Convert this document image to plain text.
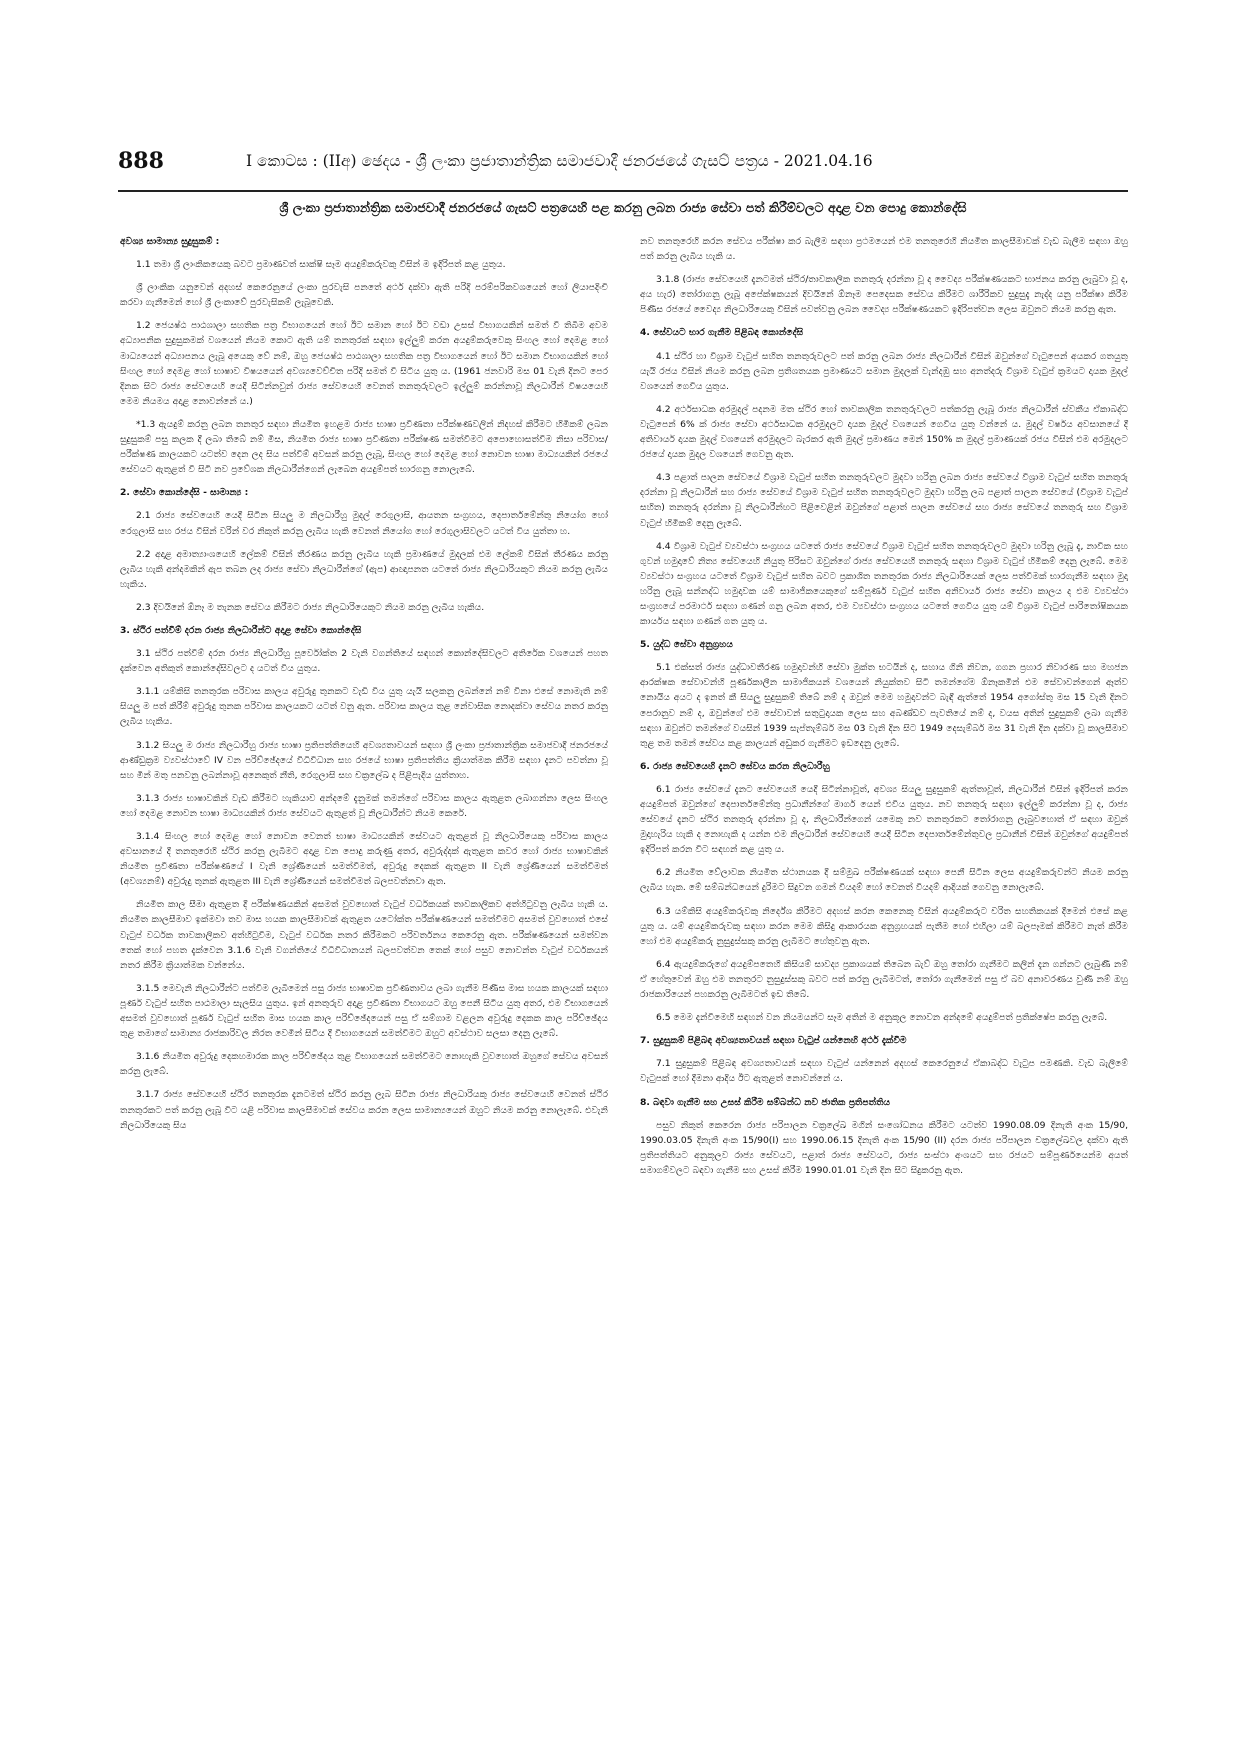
888	I කොටස : (IIඅ) ඡෙදය - ශ්‍රී ලංකා ප්‍රජාතාන්ත්‍රික සමාජවාදී ජනරජයේ ගැසට් පත්‍රය - 2021.04.16
ශ්‍රී ලංකා ප්‍රජාතාන්ත්‍රික සමාජවාදී ජනරජයේ ගැසට් පත්‍රයෙහි පළ කරනු ලබන රාජ්‍ය සේවා පත් කිරීම්වලට අදාළ වන පොදු කොන්දේසි
අවශ්‍ය සාමාන්‍ය සුදුසුකම් :
1.1 තමා ශ්‍රී ලාංකිකයෙකු බවට ප්‍රමාණවත් සාක්ෂි සෑම අයදුම්කරුවකු විසින් ම ඉදිරිපත් කළ යුතුය.
ශ්‍රී ලාංකික යනුවෙන් අදහස් කෙරෙනුයේ ලංකා පුරවැසි පනතේ අර්ථ දක්වා ඇති පරිදි පරම්පරිකවශයෙන් හෝ ලියාපදිංචි කරවා ගැනීමෙන් හෝ ශ්‍රී ලංකාවේ පුරවැසිකම් ලැබූවෙකි.
1.2 ජෙ‍යෂ්ඨ පාඨශාලා සහතික පත්‍ර විභාගයෙන් හෝ ඊට සමාන හෝ ඊට වඩා උසස් විභාගයකින් සමත් වී තිබීම අවම අධ්‍යාපනික සුදුසුකමක් වශයෙන් නියම කොට ඇති යම් තනතුරක් සඳහා ඉල්ලුම් කරන අයදුම්කරුවෙකු සිංහල හෝ දෙමළ හෝ මාධ්‍යයෙන් අධ්‍යාපනය ලැබූ අයෙකු වේ නම්, ඔහු ජෙ‍යෂ්ඨ පාඨශාලා සහතික පත්‍ර විභාගයෙන් හෝ ඊට සමාන විභාගයකින් හෝ සිංහල හෝ දෙමළ හෝ භාෂාව විෂයයෙන් අවශ්‍යවෙච්චිත පරිදි සමත් වී සිටිය යුතු ය. (1961 ජනවාරි මස 01 වැනි දිනට පෙර දිනක සිට රාජ්‍ය සේවයෙහි යෙදී සිටින්නවුන් රාජ්‍ය සේවයෙහි වෙනත් තනතුරුවලට ඉල්ලුම් කරන්නාවූ නිලධාරීන් විෂයයෙහි මෙම නියමය අදාළ නොවන්නේ ය.)
*1.3 ඇයදුම් කරනු ලබන තනතුර සඳහා නියමිත ඉහළම රාජ්‍ය භාෂා ප්‍රවීණතා පරීක්ෂණවලින් නිදහස් කිරීමට හිමිකම් ලබන සුදුසුකම් පසු කලක දී ලබා තිබේ නම් මිස, නියමිත රාජ්‍ය භාෂා ප්‍රවීණතා පරීක්ෂණ සමත්වීමට අපොහොසත්වීම නිසා පරිවාස/පරීක්ෂණ කාලයකට යටත්ව දෙන ලද සිය පත්වීම් අවසන් කරනු ලැබූ, සිංහල හෝ දෙමළ හෝ නොවන භාෂා මාධ්‍යයකින් රජයේ සේවයට ඇතුළත් වී සිටි නව ප්‍රවේශක නිලධාරීන්ගෙන් ලැබෙන අයදුම්පත් භාරගනු නොලැබේ.
2. සේවා කොන්දේසි - සාමාන්‍ය :
2.1 රාජ්‍ය සේවයෙහි යෙදී සිටින සියලු ම නිලධාරීහු මුදල් රෙගුලාසි, ආයතන සංග්‍රහය, දෙපාර්තමේන්තු නියෝග හෝ රෙගුලාසි සහ රජය විසින් වරින් වර නිකුත් කරනු ලැබිය හැකි වෙනත් නියෝග හෝ රෙගුලාසිවලට යටත් විය යුත්තා හ.
2.2 අදාළ අමාත්‍යාංශයෙහි ලේකම් විසින් තීරණය කරනු ලැබිය හැකි ප්‍රමාණයේ මුදලක් එම ලේකම් විසින් තීරණය කරනු ලැබිය හැකි අන්දමකින් ඇප තබන ලද රාජ්‍ය සේවා නිලධාරීන්ගේ (ඇප) ආඥාපනත යටතේ රාජ්‍ය නිලධාරියකුට නියම කරනු ලැබිය හැකිය.
2.3 දිවයිනේ ඕනෑ ම තැනක සේවය කිරීමට රාජ්‍ය නිලධාරියෙකුට නියම කරනු ලැබිය හැකිය.
3. ස්ථිර පත්වීම් දරන රාජ්‍ය නිලධාරීන්ට අදාළ සේවා කොන්දේසි
3.1 ස්ථිර පත්වීම් දරන රාජ්‍ය නිලධාරීහු පූර්වෝක්ත 2 වැනි වගන්තියේ සඳහන් කොන්දේසිවලට අතිරේක වශයෙන් පහත දැක්වෙන අතිකුත් කොන්දේසිවලට ද යටත් විය යුතුය.
3.1.1 යම්කිසි තනතුරක පරිවාස කාලය අවුරුදු තුනකට වැඩි විය යුතු යැයි සලකනු ලබන්නේ නම් විනා එසේ නොමැති නම් සියලු ම පත් කිරීම් අවුරුදු තුනක පරිවාස කාලයකට යටත් වනු ඇත. පරිවාස කාලය තුළ නේවාසික නොදක්වා සේවය නතර කරනු ලැබිය හැකිය.
3.1.2 සියලු ම රාජ්‍ය නිලධාරීහු රාජ්‍ය භාෂා ප්‍රතිපත්තියෙහි අවශ්‍යතාවයන් සඳහා ශ්‍රී ලංකා ප්‍රජාතාන්ත්‍රික සමාජවාදී ජනරජයේ ආණ්ඩුක්‍රම ව්‍යවස්ථාවේ IV වන පරිච්ඡේදයේ විධිවිධාන සහ රජයේ භාෂා ප්‍රතිපත්තිය ක්‍රියාත්මක කිරීම සඳහා දැනට පවත්නා වූ සහ මින් මතු පනවනු ලබන්නාවූ අනෙකුත් නීති, රෙගුලාසි සහ චක්‍රලේඛ ද පිළිපැදිය යුත්තාහ.
3.1.3 රාජ්‍ය භාෂාවකින් වැඩ කිරීමට හැකියාව අන්දමේ දැනුමක් තමන්ගේ පරිවාස කාලය ඇතුළත ලබාගන්නා ලෙස සිංහල හෝ දෙමළ නොවන භාෂා මාධ්‍යයකින් රාජ්‍ය සේවයට ඇතුළත් වූ නිලධාරීන්ට නියම කෙරේ.
3.1.4 සිංහල හෝ දෙමළ හෝ නොවන වෙනත් භාෂා මාධ්‍යයකින් සේවයට ඇතුළත් වූ නිලධාරියෙකු පරිවාස කාලය අවසානයේ දී තනතුරෙහි ස්ථිර කරනු ලැබීමට අදාළ වන පොදු කරුණු අතර, අවුරුද්දක් ඇතුළත කවර හෝ රාජ්‍ය භාෂාවකින් නියමිත ප්‍රවීණතා පරීක්ෂණයේ I වැනි ශ්‍රේණියෙන් සමත්වීමත්, අවුරුදු දෙකක් ඇතුළත II වැනි ශ්‍රේණියෙන් සමත්වීමත් (අවශ්‍යනම්) අවුරුදු තුනක් ඇතුළත III වැනි ශ්‍රේණියෙන් සමත්වීමත් බලපවත්නවා ඇත.
නියමිත කාල සීමා ඇතුළත දී පරීක්ෂණයකින් අසමත් වුවහොත් වැටුප් වර්ධකයක් තාවකාලිකව අත්හිටුවනු ලැබිය හැකි ය. නියමිත කාලසීමාව ඉක්මවා තව මාස හයක කාලසීමාවක් ඇතුළත යටෝක්ත පරීක්ෂණයෙන් සමත්වීමට අසමත් වුවහොත් එසේ වැටුප් වර්ධක තාවකාලිකව අත්හිටුවීම, වැටුප් වර්ධක නතර කිරීමකට පරිවර්තනය කෙරෙනු ඇත. පරීක්ෂණයෙන් සමත්වන තෙක් හෝ පහත දැක්වෙන 3.1.6 වැනි වගන්තියේ විධිවිධානයන් බලපවත්වන තෙක් හෝ පසුව නොවන්ත වැටුප් වර්ධකයන් නතර කිරීම ක්‍රියාත්මක වන්නේය.
3.1.5 මෙවැනි නිලධාරීන්ට පත්වීම ලැබීමෙන් පසු රාජ්‍ය භාෂාවක ප්‍රවීණතාවය ලබා ගැනීම පිණිස මාස හයක කාලයක් සඳහා පූර්ණ වැටුප් සහිත පාඨමාලා සැලසිය යුතුය. ඉන් අනතුරුව අදාළ ප්‍රවීණතා විභාගයට ඔහු පෙනී සිටිය යුතු අතර, එම විභාගයෙන් අසමත් වුවහොත් පූර්ණ වැටුප් සහිත මාස හයක කාල පරිච්ඡේදයෙන් පසු ඒ සම්ගාම වළලන අවුරුදු දෙකක කාල පරිච්ඡේදය තුළ තමාගේ සාමාන්‍ය රාජකාරිවල නිරත වෙමින් සිටිය දී විභාගයෙන් සමත්වීමට ඔහුට අවස්ථාව සලසා දෙනු ලැබේ.
3.1.6 නියමිත අවුරුදු දෙකහමාරක කාල පරිච්ඡේදය තුළ විභාගයෙන් සමත්වීමට නොහැකි වුවහොත් ඔහුගේ සේවය අවසන් කරනු ලැබේ.
3.1.7 රාජ්‍ය සේවයෙහි ස්ථිර තනතුරක දැනටමත් ස්ථිර කරනු ලැබ සිටින රාජ්‍ය නිලධාරියකු රාජ්‍ය සේවයෙහි වෙනත් ස්ථිර තනතුරකට පත් කරනු ලැබූ විට යළි පරිවාස කාලසීමාවක් සේවය කරන ලෙස සාමාන්‍යයෙන් ඔහුට නියම කරනු නොලැබේ. එවැනි නිලධාරියෙකු සිය
නව තනතුරෙහි කරන සේවය පරීක්ෂා කර බැලීම සඳහා ප්‍රථමයෙන් එම තනතුරෙහි නියමිත කාලසීමාවක් වැඩ බැලීම සඳහා ඔහු පත් කරනු ලැබිය හැකි ය.
3.1.8 (රාජ්‍ය සේවයෙහි දැනටමත් ස්ථිර/තාවකාලික තනතුරු දරන්නා වූ ද වෛද්‍ය පරීක්ෂණයකට භාජනය කරනු ලැබුවා වූ ද, අය හැර) තෝරාගනු ලැබූ අපේක්ෂකයන් දිවයිනේ ඕනෑම පෙදෙසක සේවය කිරීමට ශාරීරිකව සුදුසුදැ නැද්ද යනු පරීක්ෂා කිරීම පිණිස රජයේ වෛද්‍ය නිලධාරියෙකු විසින් පවත්වනු ලබන වෛද්‍ය පරීක්ෂණයකට ඉදිරිපත්වන ලෙස ඔවුනට නියම කරනු ඇත.
4. සේවයට භාර ගැනීම පිළිබඳ කොන්දේසි
4.1 ස්ථිර හා විශ්‍රාම වැටුප් සහිත තනතුරුවලට පත් කරනු ලබන රාජ්‍ය නිලධාරීන් විසින් ඔවුන්ගේ වැටුපෙන් අයකර ගතයුතු යැයි රජය විසින් නියම කරනු ලබන ප්‍රතිශතයක ප්‍රමාණයට සමාන මුදලක් වැන්දඹු සහ අනත්දරු විශ්‍රාම වැටුප් ක්‍රමයට දායක මුදල් වශයෙන් ගෙවිය යුතුය.
4.2 අර්ථසාධක අරමුදල් පදනම මත ස්ථිර හෝ තාවකාලික තනතුරුවලට පත්කරනු ලැබූ රාජ්‍ය නිලධාරීන් ස්වකීය ඒකාබද්ධ වැටුපෙන් 6% ක් රාජ්‍ය සේවා අර්ථසාධක අරමුදලට දායක මුදල් වශයෙන් ගෙවිය යුතු වන්නේ ය. මුදල් වර්ෂය අවසානයේ දී අතිවාර්ය දායක මුදල් වශයෙන් අරමුදලට බැරකර ඇති මුදල් ප්‍රමාණය මෙන් 150% ක මුදල් ප්‍රමාණයක් රජය විසින් එම අරමුදලට රජයේ දායක මුදල වශයෙන් ගෙවනු ඇත.
4.3 පළාත් පාලන සේවයේ විශ්‍රාම වැටුප් සහිත තනතුරුවලට මුදවා හරිනු ලබන රාජ්‍ය සේවයේ විශ්‍රාම වැටුප් සහිත තනතුරු දරන්නා වූ නිලධාරීන් සහ රාජ්‍ය සේවයේ විශ්‍රාම වැටුප් සහිත තනතුරුවලට මුදවා හරිනු ලබ පළාත් පාලන සේවයේ (විශ්‍රාම වැටුප් සහිත) තනතුරු දරන්නා වූ නිලධාරීන්හට පිළිවෙළින් ඔවුන්ගේ පළාත් පාලන සේවයේ සහ රාජ්‍ය සේවයේ තනතුරු සහ විශ්‍රාම වැටුප් හිමිකම් දෙනු ලැබේ.
4.4 විශ්‍රාම වැටුප් ව්‍යවස්ථා සංග්‍රහය යටතේ රාජ්‍ය සේවයේ විශ්‍රාම වැටුප් සහිත තනතුරුවලට මුදවා හරිනු ලැබූ දැ, නාවික සහ ගුවන් හමුදාවේ නිත්‍ය සේවයෙහි නියුතු පිරිසට ඔවුන්ගේ රාජ්‍ය සේවයෙහි තනතුරු සඳහා විශ්‍රාම වැටුප් හිමිකම් දෙනු ලැබේ. මෙම ව්‍යවස්ථා සංග්‍රහය යටතේ විශ්‍රාම වැටුප් සහිත බවට ප්‍රකාශිත තනතුරක රාජ්‍ය නිලධාරියෙක් ලෙස පත්වීමක් භාරගැනීම සඳහා මුදා හරිනු ලැබූ සන්නද්ධ හමුදාවක යම් සාමාජිකයෙකුගේ සම්පූර්ණ වැටුප් සහිත අනිවාර්ය රාජ්‍ය සේවා කාලය ද එම ව්‍යවස්ථා සංග්‍රහයේ පරමාර්ථ සඳහා ගණන් ගනු ලබන අතර, එම ව්‍යවස්ථා සංග්‍රහය යටතේ ගෙවිය යුතු යම් විශ්‍රාම වැටුප් පාරිතෝෂිකයක කාර්යය සඳහා ගණන් ගත යුතු ය.
5. යුද්ධ සේවා අනුග්‍රහය
5.1 එක්සත් රාජ්‍ය යුද්ධාවතීරණ හමුදාවන්හි සේවා මුක්ත භටයින් ද, සහාය ගිනි නිවන, ගගන ප්‍රහාර නිවාරණ සහ මහජන ආරක්ෂක සේවාවන්හි පූර්ණකාලීන සාමාජිකයන් වශයෙන් නියුක්තව සිටි තමන්ගේම ඕනෑකමින් එම සේවාවන්ගෙන් ඈත්ව නොයිය අයට ද ඉනත් කී සියලු සුදුසුකම් තිබේ නම් ද ඔවුන් මෙම හමුදාවන්ට බැඳී ඇත්තේ 1954 අගෝස්තු මස 15 වැනි දිනට පෙරානුව නම් ද, ඔවුන්ගේ එම සේවාවන් සතුටුදායක ලෙස සහ අබණ්ඩව පැවතියේ නම් ද, වයස අතින් සුදුසුකම් ලබා ගැනීම සඳහා ඔවුන්ට තමන්ගේ වයසින් 1939 සැප්තැම්බර් මස 03 වැනි දින සිට 1949 දෙසැම්බර් මස 31 වැනි දින දක්වා වූ කාලසීමාව තුළ තම තමන් සේවය කළ කාලයන් අඩුකර ගැනීමට ඉඩදෙනු ලැබේ.
6. රාජ්‍ය සේවයෙහි දැනට සේවය කරන නිලධාරීහු
6.1 රාජ්‍ය සේවයේ දැනට සේවයෙහි යෙදී සිටින්නාවූත්, අවශ්‍ය සියලු සුදුසුකම් ඇත්තාවූත්, නිලධාරීන් විසින් ඉදිරිපත් කරන අයදුම්පත් ඔවුන්ගේ දෙපාර්තමේන්තු ප්‍රධානීන්ගේ මාර්ග යෙන් එවිය යුතුය. නව තනතුරු සඳහා ඉල්ලුම් කරන්නා වූ ද, රාජ්‍ය සේවයේ දැනට ස්ථිර තනතුරු දරන්නා වූ ද, නිලධාරීන්ගෙන් යමෙකු නව තනතුරකට තෝරාගනු ලැබුවහොත් ඒ සඳහා ඔවුන් මුදාහැරිය හැකි ද නොහැකි ද යන්න එම නිලධාරීන් සේවයෙහි යෙදී සිටින දෙපාර්තමේන්තුවල ප්‍රධානීන් විසින් ඔවුන්ගේ අයදුම්පත් ඉදිරිපත් කරන විට සඳහන් කළ යුතු ය.
6.2 නියමිත වේලාවක නියමිත ස්ථානයක දී සම්මුඛ පරීක්ෂණයක් සඳහා පෙනී සිටින ලෙස අයදුම්කරුවන්ට නියම කරනු ලැබිය හැක. මේ සම්බන්ධයෙන් දුරිමට සිදුවන ගමන් වියදම් හෝ වෙනත් වියදම් ආදියක් ගෙවනු නොලැබේ.
6.3 යම්කිසි අයදුම්කරුවකු නිර්දේශ කිරීමට අදහස් කරන කෙනෙකු විසින් අයදුම්කරුට චරිත සහතිකයක් දීමෙන් එසේ කළ යුතු ය. යම් අයදුම්කරුවකු සඳහා කරන මෙම කිසිදු ආකාරයක අනුග්‍රහයක් පැතීම හෝ එහිලා යම් බලපෑමක් කිරීමට නැත් කිරීම හෝ එම අයදුම්කරු නුසුදුස්සකු කරනු ලැබීමට හේතුවනු ඇත.
6.4 ඇයදුම්කරුගේ අයදුම්පතෙහි කිසියම් සාවද්‍ය ප්‍රකාශයක් තිබෙන බැව් ඔහු තෝරා ගැනීමට කලින් දැන ගන්නට ලැබුණි නම් ඒ හේතුවෙන් ඔහු එම තනතුරට නුසුදුස්සකු බවට පත් කරනු ලැබීමටත්, තෝරා ගැනීමෙන් පසු ඒ බව අනාවරණය වුණි නම් ඔහු රාජකාරියෙන් පහකරනු ලැබීමටත් ඉඩ තිබේ.
6.5 මෙම දැන්වීමෙහි සඳහන් වන නියමයන්ට සෑම අතින් ම අනුකූල නොවන අන්දමේ අයදුම්පත් ප්‍රතික්ෂේප කරනු ලැබේ.
7. සුදුසුකම් පිළිබඳ අවශ්‍යතාවයන් සඳහා වැටුප් යන්නෙහි අර්ථ දැක්වීම
7.1 සුදුසුකම් පිළිබඳ අවශ්‍යතාවයන් සඳහා වැටුප් යන්නෙන් අදහස් කෙරෙනුයේ ඒකාබද්ධ වැටුප පමණකි. වැඩ බැලීමේ වැටුපක් හෝ දීමනා ආදිය ඊට ඇතුළත් නොවන්නේ ය.
8. බඳවා ගැනීම සහ උසස් කිරීම සම්බන්ධ නව ජාතික ප්‍රතිපත්තිය
පසුව නිකුත් කෙරෙන රාජ්‍ය පරිපාලන චක්‍රලේඛ මගින් සංශෝධනය කිරීමට යටත්ව 1990.08.09 දිනැති අංක 15/90, 1990.03.05 දිනැති අංක 15/90(I) සහ 1990.06.15 දිනැති අංක 15/90 (II) දරන රාජ්‍ය පරිපාලන චක්‍රලේඛවල දක්වා ඇති ප්‍රතිපත්තියට අනුකූලව රාජ්‍ය සේවයට, පළාත් රාජ්‍ය සේවයට, රාජ්‍ය සංස්ථා අංශයට සහ රජයට සම්පූර්ණයෙන්ම අයත් සමාගම්වලට බඳවා ගැනීම සහ උසස් කිරීම 1990.01.01 වැනි දින සිට සිදුකරනු ඇත.
